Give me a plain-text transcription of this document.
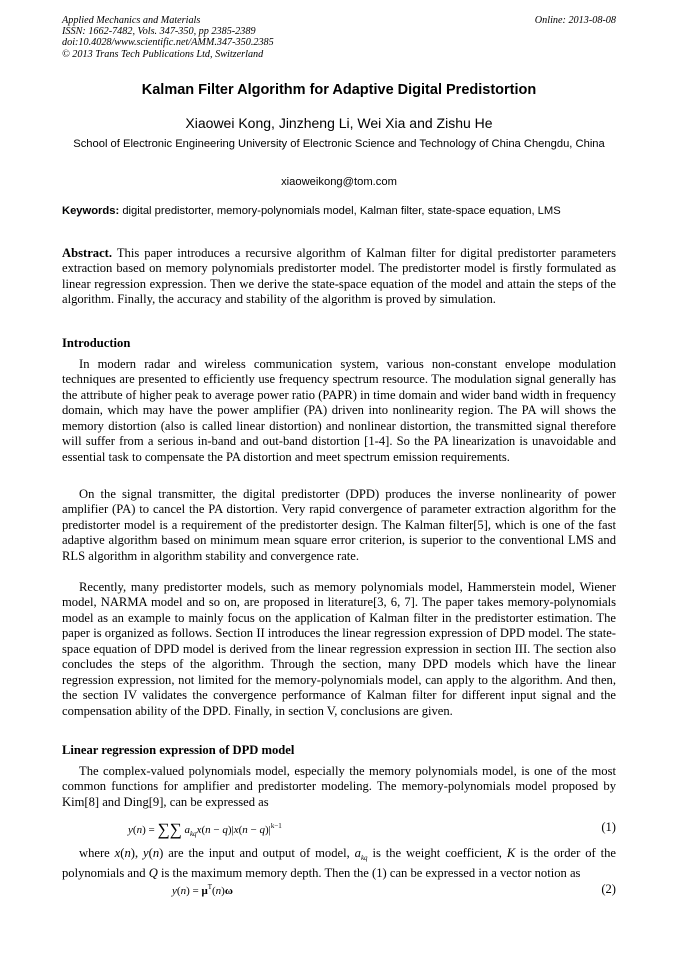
Applied Mechanics and Materials
ISSN: 1662-7482, Vols. 347-350, pp 2385-2389
doi:10.4028/www.scientific.net/AMM.347-350.2385
© 2013 Trans Tech Publications Ltd, Switzerland
Online: 2013-08-08
Kalman Filter Algorithm for Adaptive Digital Predistortion
Xiaowei Kong, Jinzheng Li, Wei Xia and Zishu He
School of Electronic Engineering University of Electronic Science and Technology of China Chengdu, China
xiaoweikong@tom.com
Keywords: digital predistorter, memory-polynomials model, Kalman filter, state-space equation, LMS

Abstract. This paper introduces a recursive algorithm of Kalman filter for digital predistorter parameters extraction based on memory polynomials predistorter model. The predistorter model is firstly formulated as linear regression expression. Then we derive the state-space equation of the model and attain the steps of the algorithm. Finally, the accuracy and stability of the algorithm is proved by simulation.

Introduction

In modern radar and wireless communication system, various non-constant envelope modulation techniques are presented to efficiently use frequency spectrum resource. The modulation signal generally has the attribute of higher peak to average power ratio (PAPR) in time domain and wider band width in frequency domain, which may have the power amplifier (PA) driven into nonlinearity region. The PA will shows the memory distortion (also is called linear distortion) and nonlinear distortion, the transmitted signal therefore will suffer from a serious in-band and out-band distortion [1-4]. So the PA linearization is unavoidable and essential task to compensate the PA distortion and meet spectrum emission requirements.

On the signal transmitter, the digital predistorter (DPD) produces the inverse nonlinearity of power amplifier (PA) to cancel the PA distortion. Very rapid convergence of parameter extraction algorithm for the predistorter model is a requirement of the predistorter design. The Kalman filter[5], which is one of the fast adaptive algorithm based on minimum mean square error criterion, is superior to the conventional LMS and RLS algorithm in algorithm stability and convergence rate.

Recently, many predistorter models, such as memory polynomials model, Hammerstein model, Wiener model, NARMA model and so on, are proposed in literature[3, 6, 7]. The paper takes memory-polynomials model as an example to mainly focus on the application of Kalman filter in the predistorter estimation. The paper is organized as follows. Section II introduces the linear regression expression of DPD model. The state-space equation of DPD model is derived from the linear regression expression in section III. The section also concludes the steps of the algorithm. Through the section, many DPD models which have the linear regression expression, not limited for the memory-polynomials model, can apply to the algorithm. And then, the section IV validates the convergence performance of Kalman filter for different input signal and the compensation ability of the DPD. Finally, in section V, conclusions are given.

Linear regression expression of DPD model

The complex-valued polynomials model, especially the memory polynomials model, is one of the most common functions for amplifier and predistorter modeling. The memory-polynomials model proposed by Kim[8] and Ding[9], can be expressed as

y(n) = ∑∑ $a_{kq}x(n - q)|x(n - q)|^{k-1}$	(1)

where x(n), y(n) are the input and output of model, $a_{kq}$ is the weight coefficient, K is the order of the polynomials and Q is the maximum memory depth. Then the (1) can be expressed in a vector notion as

$y(n) = \mu^T(n)\omega$	(2)
